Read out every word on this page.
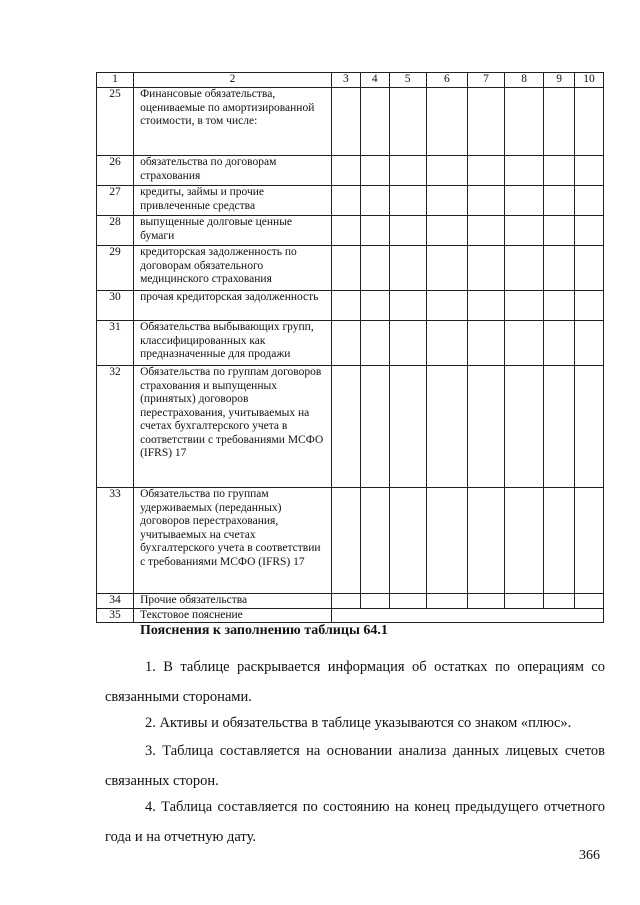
1	2	3	4	5	6	7	8	9	10
25	Финансовые обязательства, оцениваемые по амортизированной стоимости, в том числе:								
26	обязательства по договорам страхования								
27	кредиты, займы и прочие привлеченные средства								
28	выпущенные долговые ценные бумаги								
29	кредиторская задолженность по договорам обязательного медицинского страхования								
30	прочая кредиторская задолженность								
31	Обязательства выбывающих групп, классифицированных как предназначенные для продажи								
32	Обязательства по группам договоров страхования и выпущенных (принятых) договоров перестрахования, учитываемых на счетах бухгалтерского учета в соответствии с требованиями МСФО (IFRS) 17								
33	Обязательства по группам удерживаемых (переданных) договоров перестрахования, учитываемых на счетах бухгалтерского учета в соответствии с требованиями МСФО (IFRS) 17								
34	Прочие обязательства								
35	Текстовое пояснение								
Пояснения к заполнению таблицы 64.1
1. В таблице раскрывается информация об остатках по операциям со связанными сторонами.
2. Активы и обязательства в таблице указываются со знаком «плюс».
3. Таблица составляется на основании анализа данных лицевых счетов связанных сторон.
4. Таблица составляется по состоянию на конец предыдущего отчетного года и на отчетную дату.
366
